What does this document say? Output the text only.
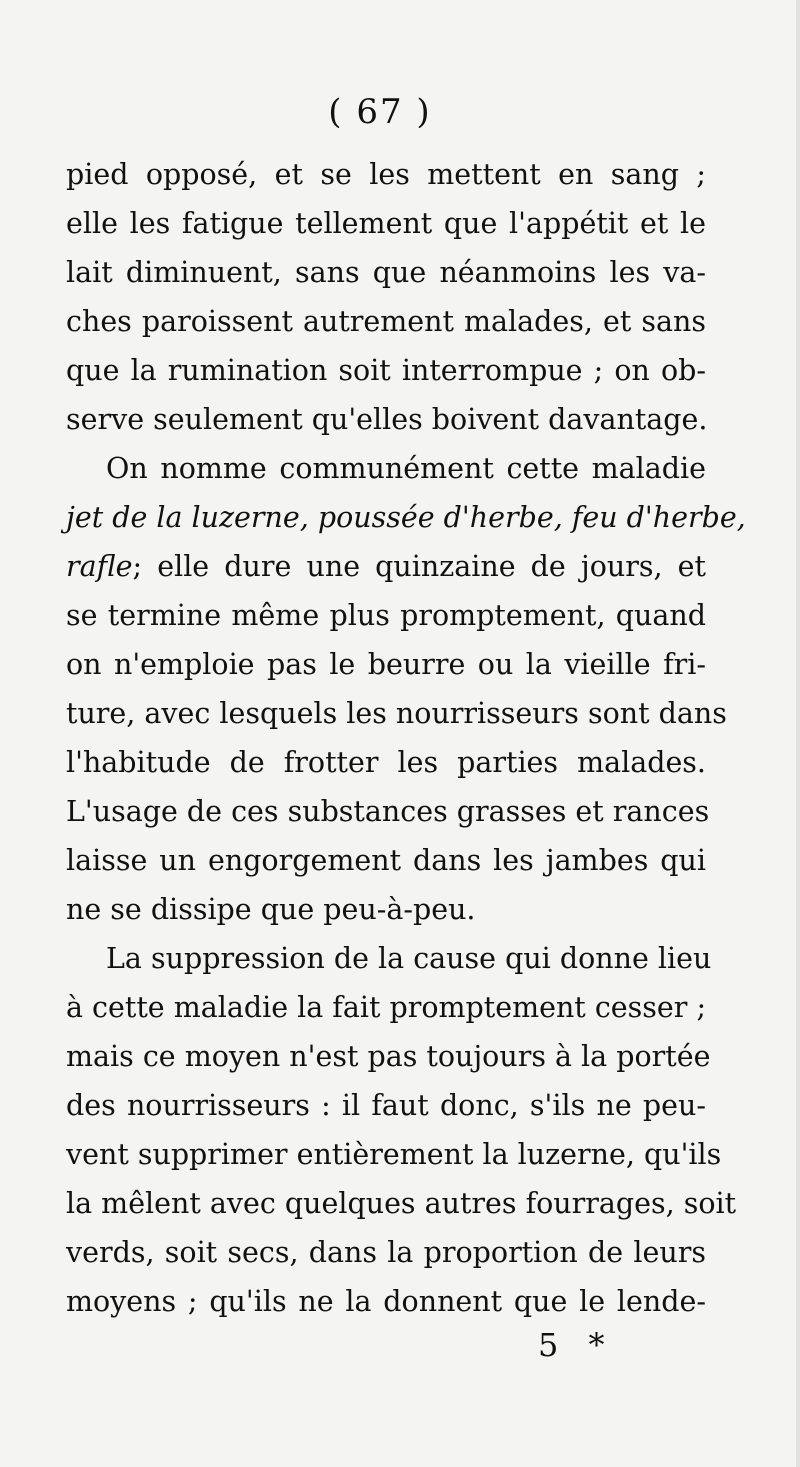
( 67 )
pied opposé, et se les mettent en sang ;
elle les fatigue tellement que l'appétit et le
lait diminuent, sans que néanmoins les va-
ches paroissent autrement malades, et sans
que la rumination soit interrompue ; on ob-
serve seulement qu'elles boivent davantage.
On nomme communément cette maladie
jet de la luzerne, poussée d'herbe, feu d'herbe,
rafle; elle dure une quinzaine de jours, et
se termine même plus promptement, quand
on n'emploie pas le beurre ou la vieille fri-
ture, avec lesquels les nourrisseurs sont dans
l'habitude de frotter les parties malades.
L'usage de ces substances grasses et rances
laisse un engorgement dans les jambes qui
ne se dissipe que peu-à-peu.
La suppression de la cause qui donne lieu
à cette maladie la fait promptement cesser ;
mais ce moyen n'est pas toujours à la portée
des nourrisseurs : il faut donc, s'ils ne peu-
vent supprimer entièrement la luzerne, qu'ils
la mêlent avec quelques autres fourrages, soit
verds, soit secs, dans la proportion de leurs
moyens ; qu'ils ne la donnent que le lende-
5 *
